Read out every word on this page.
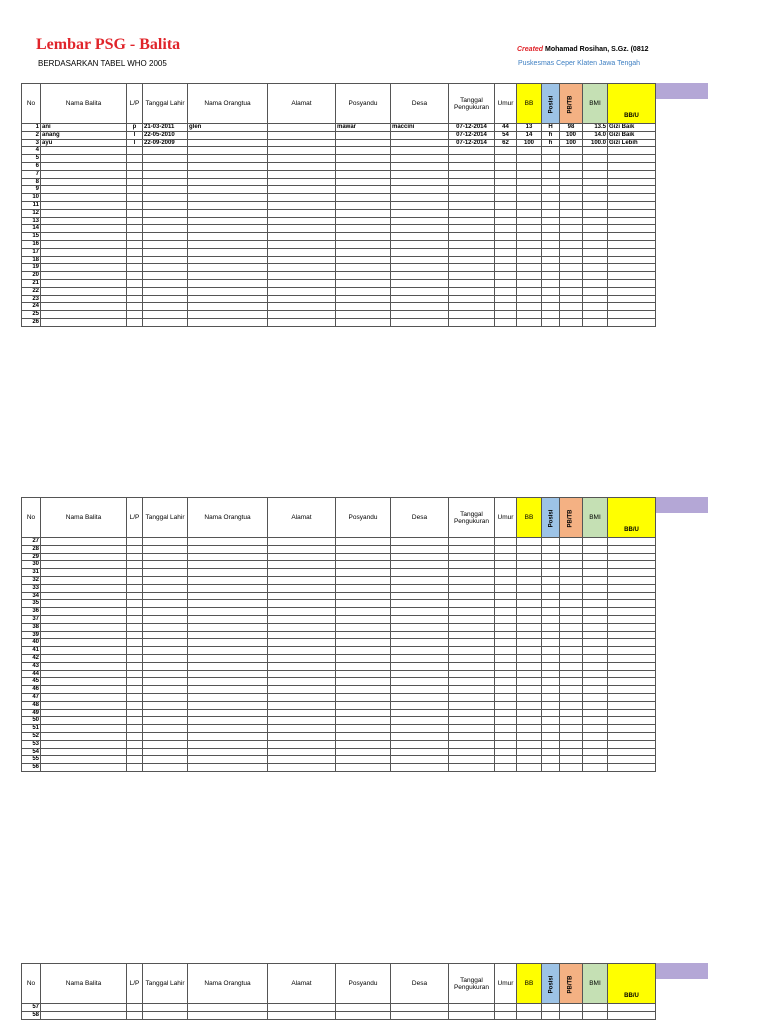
Lembar PSG - Balita
BERDASARKAN TABEL WHO 2005
Created Mohamad Rosihan, S.Gz. (0812
Puskesmas Ceper Klaten Jawa Tengah
No	Nama Balita	L/P	Tanggal Lahir	Nama Orangtua	Alamat	Posyandu	Desa	Tanggal Pengukuran	Umur	BB	Posisi	PB/TB	BMI	BB/U
1	ani	p	21-03-2011	glen		mawar	maccini	07-12-2014	44	13	H	98	13.5	Gizi Baik
2	anang	l	22-05-2010					07-12-2014	54	14	h	100	14.0	Gizi Baik
3	ayu	l	22-09-2009					07-12-2014	62	100	h	100	100.0	Gizi Lebih
4														
5														
6														
7														
8														
9														
10														
11														
12														
13														
14														
15														
16														
17														
18														
19														
20														
21														
22														
23														
24														
25														
26														
No	Nama Balita	L/P	Tanggal Lahir	Nama Orangtua	Alamat	Posyandu	Desa	Tanggal Pengukuran	Umur	BB	Posisi	PB/TB	BMI	BB/U
27														
28														
29														
30														
31														
32														
33														
34														
35														
36														
37														
38														
39														
40														
41														
42														
43														
44														
45														
46														
47														
48														
49														
50														
51														
52														
53														
54														
55														
56														
No	Nama Balita	L/P	Tanggal Lahir	Nama Orangtua	Alamat	Posyandu	Desa	Tanggal Pengukuran	Umur	BB	Posisi	PB/TB	BMI	BB/U
57														
58														
